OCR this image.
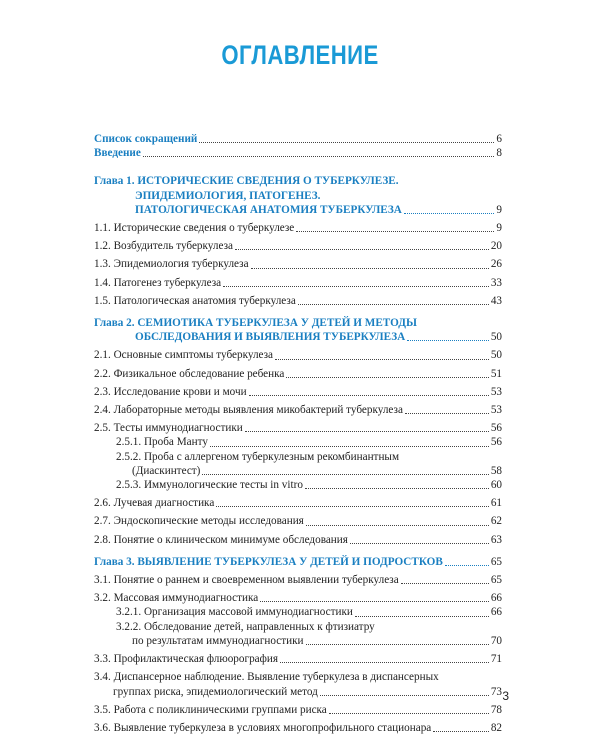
ОГЛАВЛЕНИЕ
Список сокращений	6
Введение	8
Глава 1. ИСТОРИЧЕСКИЕ СВЕДЕНИЯ О ТУБЕРКУЛЕЗЕ.
ЭПИДЕМИОЛОГИЯ, ПАТОГЕНЕЗ.
ПАТОЛОГИЧЕСКАЯ АНАТОМИЯ ТУБЕРКУЛЕЗА	9
1.1. Исторические сведения о туберкулезе	9
1.2. Возбудитель туберкулеза	20
1.3. Эпидемиология туберкулеза	26
1.4. Патогенез туберкулеза	33
1.5. Патологическая анатомия туберкулеза	43
Глава 2. СЕМИОТИКА ТУБЕРКУЛЕЗА У ДЕТЕЙ И МЕТОДЫ
ОБСЛЕДОВАНИЯ И ВЫЯВЛЕНИЯ ТУБЕРКУЛЕЗА	50
2.1. Основные симптомы туберкулеза	50
2.2. Физикальное обследование ребенка	51
2.3. Исследование крови и мочи	53
2.4. Лабораторные методы выявления микобактерий туберкулеза	53
2.5. Тесты иммунодиагностики	56
2.5.1. Проба Манту	56
2.5.2. Проба с аллергеном туберкулезным рекомбинантным
(Диаскинтест)	58
2.5.3. Иммунологические тесты in vitro	60
2.6. Лучевая диагностика	61
2.7. Эндоскопические методы исследования	62
2.8. Понятие о клиническом минимуме обследования	63
Глава 3. ВЫЯВЛЕНИЕ ТУБЕРКУЛЕЗА У ДЕТЕЙ И ПОДРОСТКОВ	65
3.1. Понятие о раннем и своевременном выявлении туберкулеза	65
3.2. Массовая иммунодиагностика	66
3.2.1. Организация массовой иммунодиагностики	66
3.2.2. Обследование детей, направленных к фтизиатру
по результатам иммунодиагностики	70
3.3. Профилактическая флюорография	71
3.4. Диспансерное наблюдение. Выявление туберкулеза в диспансерных
группах риска, эпидемиологический метод	73
3.5. Работа с поликлиническими группами риска	78
3.6. Выявление туберкулеза в условиях многопрофильного стационара	82
3
